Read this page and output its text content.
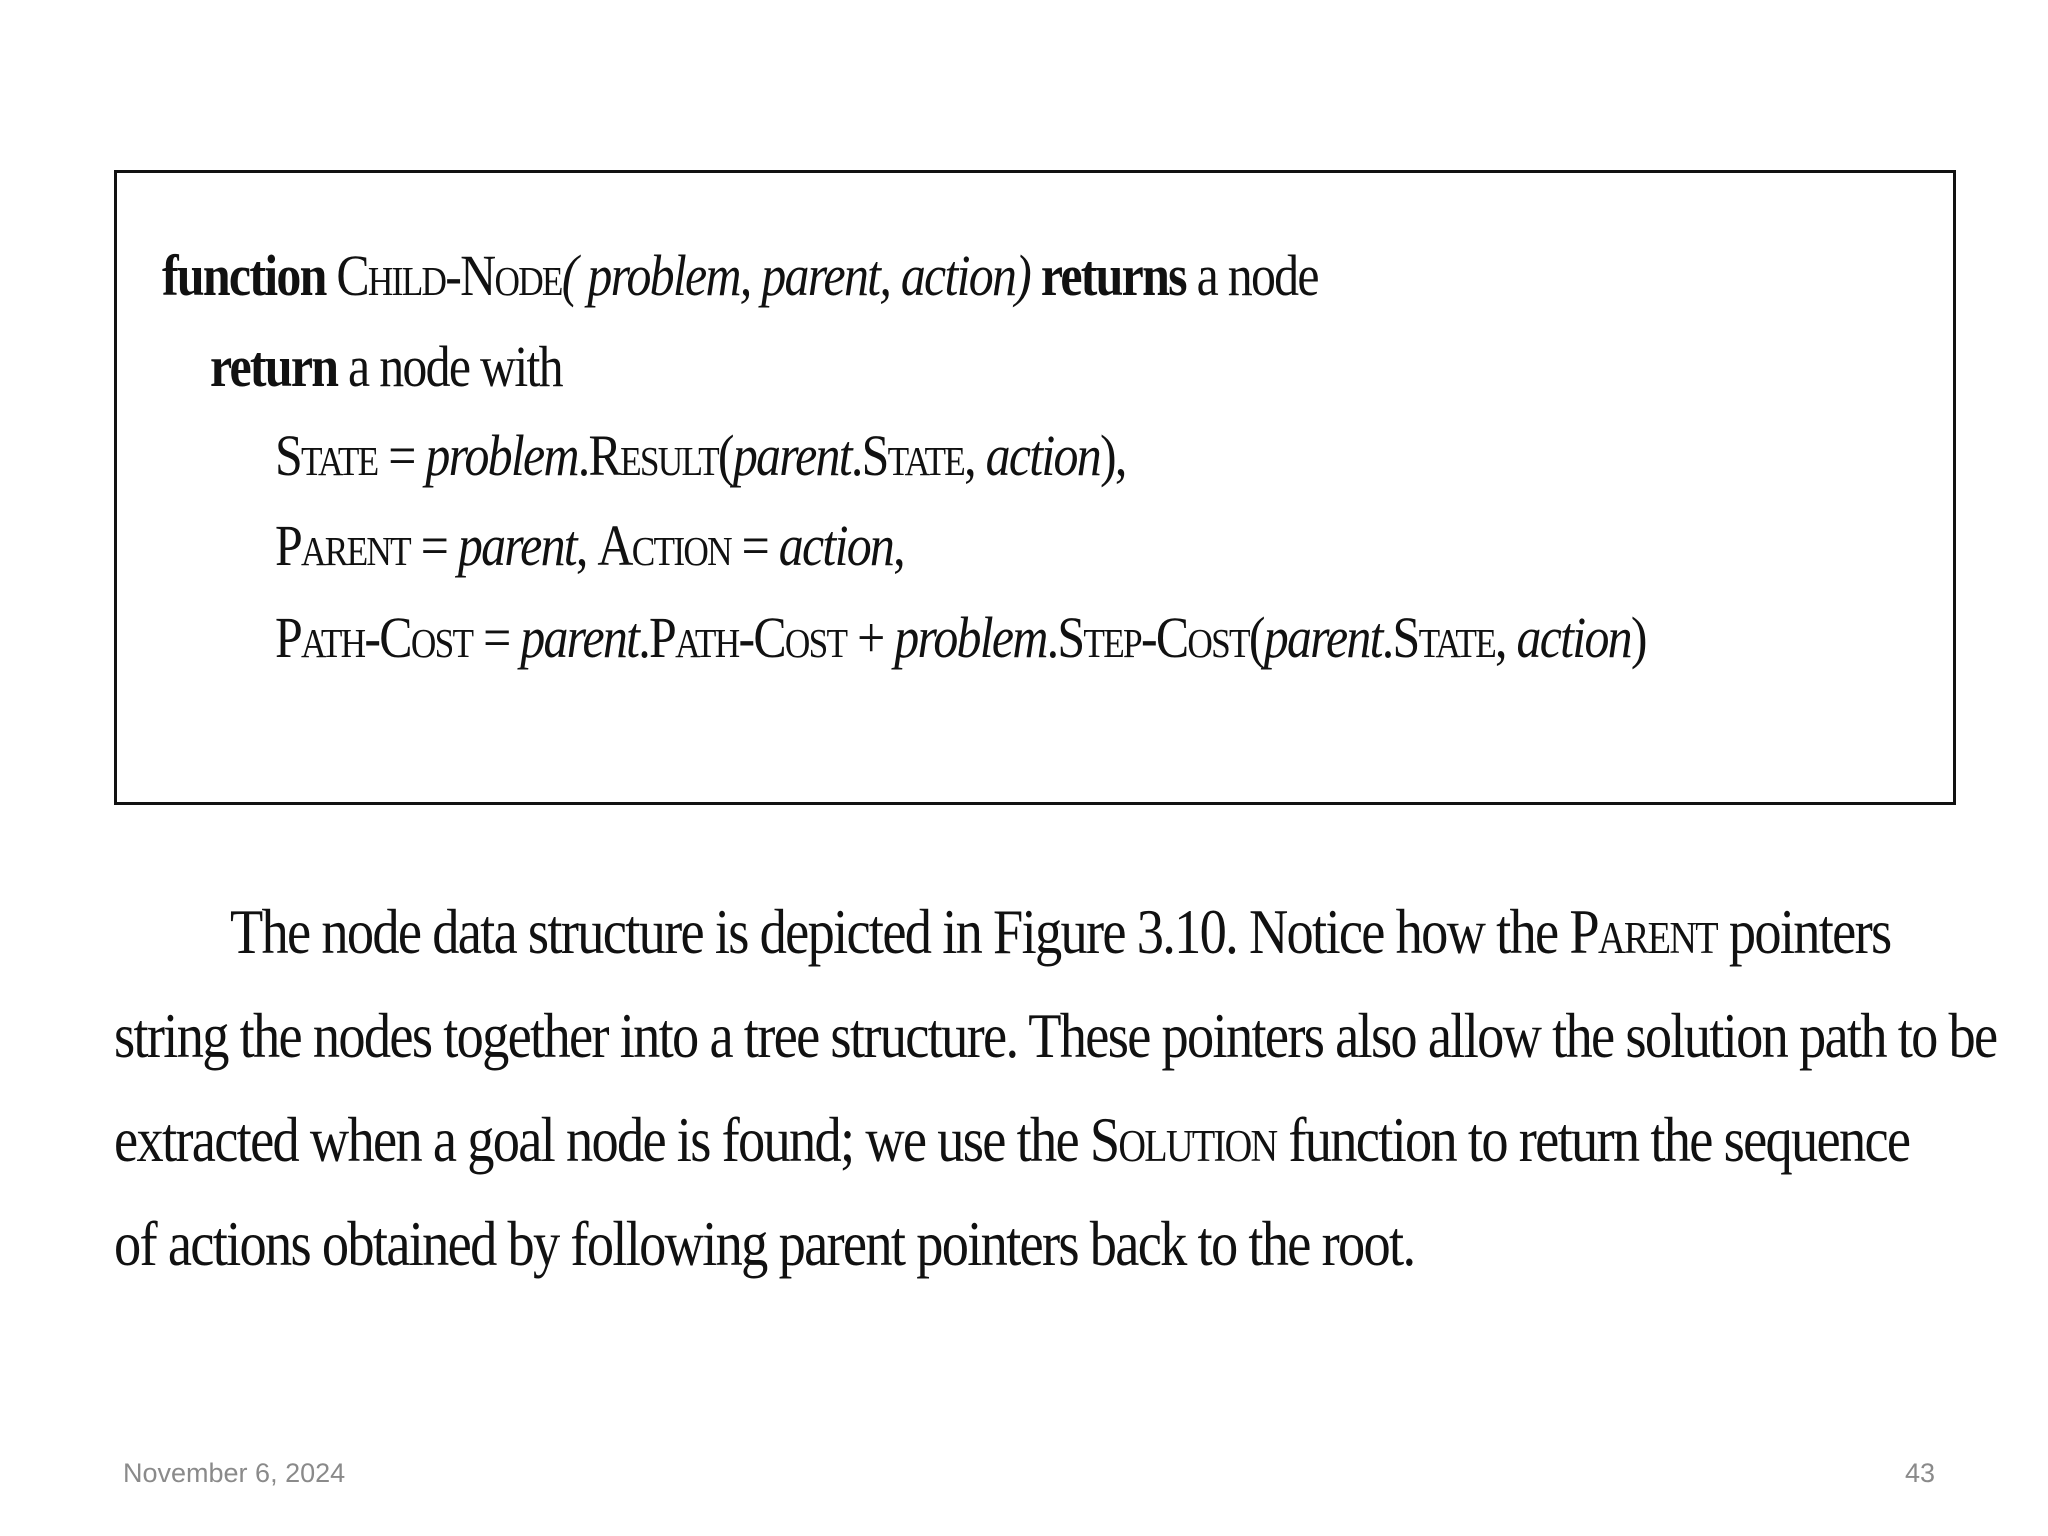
function Child-Node( problem, parent, action) returns a node
return a node with
State = problem.Result(parent.State, action),
Parent = parent, Action = action,
Path-Cost = parent.Path-Cost + problem.Step-Cost(parent.State, action)
The node data structure is depicted in Figure 3.10. Notice how the Parent pointers
string the nodes together into a tree structure. These pointers also allow the solution path to be
extracted when a goal node is found; we use the Solution function to return the sequence
of actions obtained by following parent pointers back to the root.
November 6, 2024	43
